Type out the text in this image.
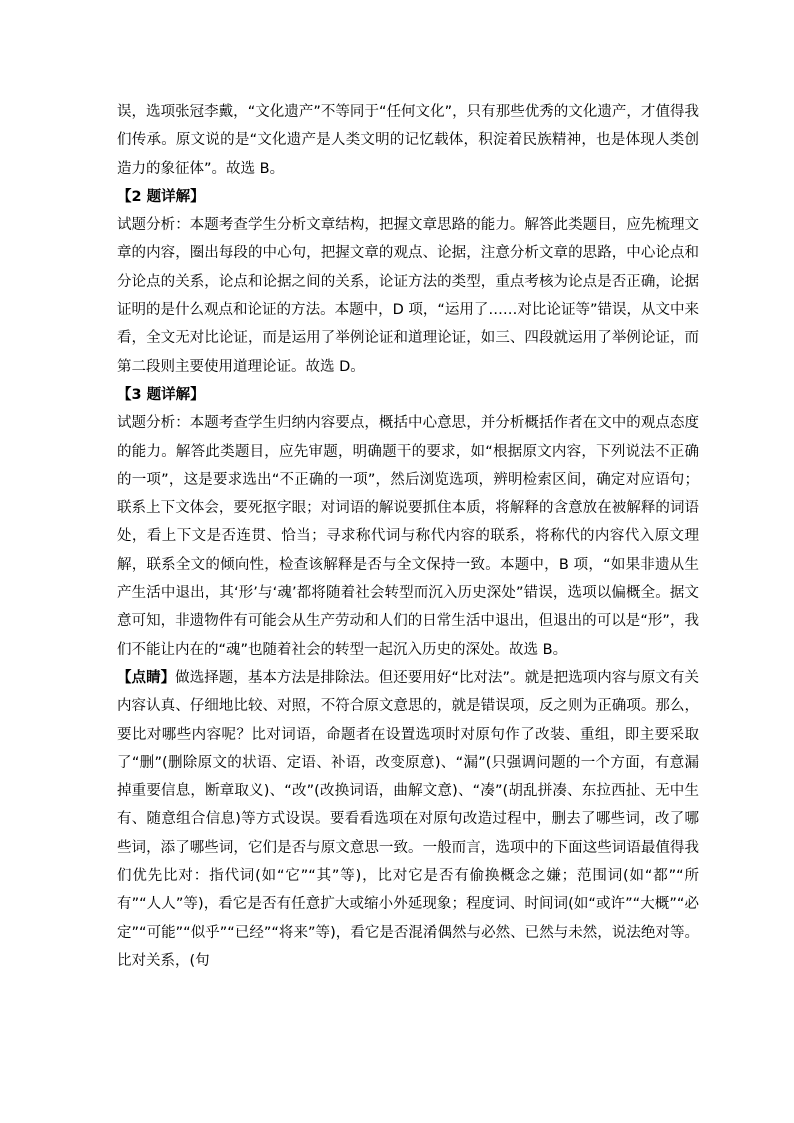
误，选项张冠李戴，“文化遗产”不等同于“任何文化”，只有那些优秀的文化遗产，才值得我们传承。原文说的是“文化遗产是人类文明的记忆载体，积淀着民族精神，也是体现人类创造力的象征体”。故选 B。

【2 题详解】

试题分析：本题考查学生分析文章结构，把握文章思路的能力。解答此类题目，应先梳理文章的内容，圈出每段的中心句，把握文章的观点、论据，注意分析文章的思路，中心论点和分论点的关系，论点和论据之间的关系，论证方法的类型，重点考核为论点是否正确，论据证明的是什么观点和论证的方法。本题中，D 项，“运用了……对比论证等”错误，从文中来看，全文无对比论证，而是运用了举例论证和道理论证，如三、四段就运用了举例论证，而第二段则主要使用道理论证。故选 D。

【3 题详解】

试题分析：本题考查学生归纳内容要点，概括中心意思，并分析概括作者在文中的观点态度的能力。解答此类题目，应先审题，明确题干的要求，如“根据原文内容，下列说法不正确的一项”，这是要求选出“不正确的一项”，然后浏览选项，辨明检索区间，确定对应语句；联系上下文体会，要死抠字眼；对词语的解说要抓住本质，将解释的含意放在被解释的词语处，看上下文是否连贯、恰当；寻求称代词与称代内容的联系，将称代的内容代入原文理解，联系全文的倾向性，检查该解释是否与全文保持一致。本题中，B 项，“如果非遗从生产生活中退出，其‘形’与‘魂’都将随着社会转型而沉入历史深处”错误，选项以偏概全。据文意可知，非遗物件有可能会从生产劳动和人们的日常生活中退出，但退出的可以是“形”，我们不能让内在的“魂”也随着社会的转型一起沉入历史的深处。故选 B。

【点睛】做选择题，基本方法是排除法。但还要用好“比对法”。就是把选项内容与原文有关内容认真、仔细地比较、对照，不符合原文意思的，就是错误项，反之则为正确项。那么，要比对哪些内容呢？比对词语，命题者在设置选项时对原句作了改装、重组，即主要采取了“删”(删除原文的状语、定语、补语，改变原意)、“漏”(只强调问题的一个方面，有意漏掉重要信息，断章取义)、“改”(改换词语，曲解文意)、“凑”(胡乱拼凑、东拉西扯、无中生有、随意组合信息)等方式设误。要看看选项在对原句改造过程中，删去了哪些词，改了哪些词，添了哪些词，它们是否与原文意思一致。一般而言，选项中的下面这些词语最值得我们优先比对：指代词(如“它”“其”等)，比对它是否有偷换概念之嫌；范围词(如“都”“所有”“人人”等)，看它是否有任意扩大或缩小外延现象；程度词、时间词(如“或许”“大概”“必定”“可能”“似乎”“已经”“将来”等)，看它是否混淆偶然与必然、已然与未然，说法绝对等。比对关系，(句
